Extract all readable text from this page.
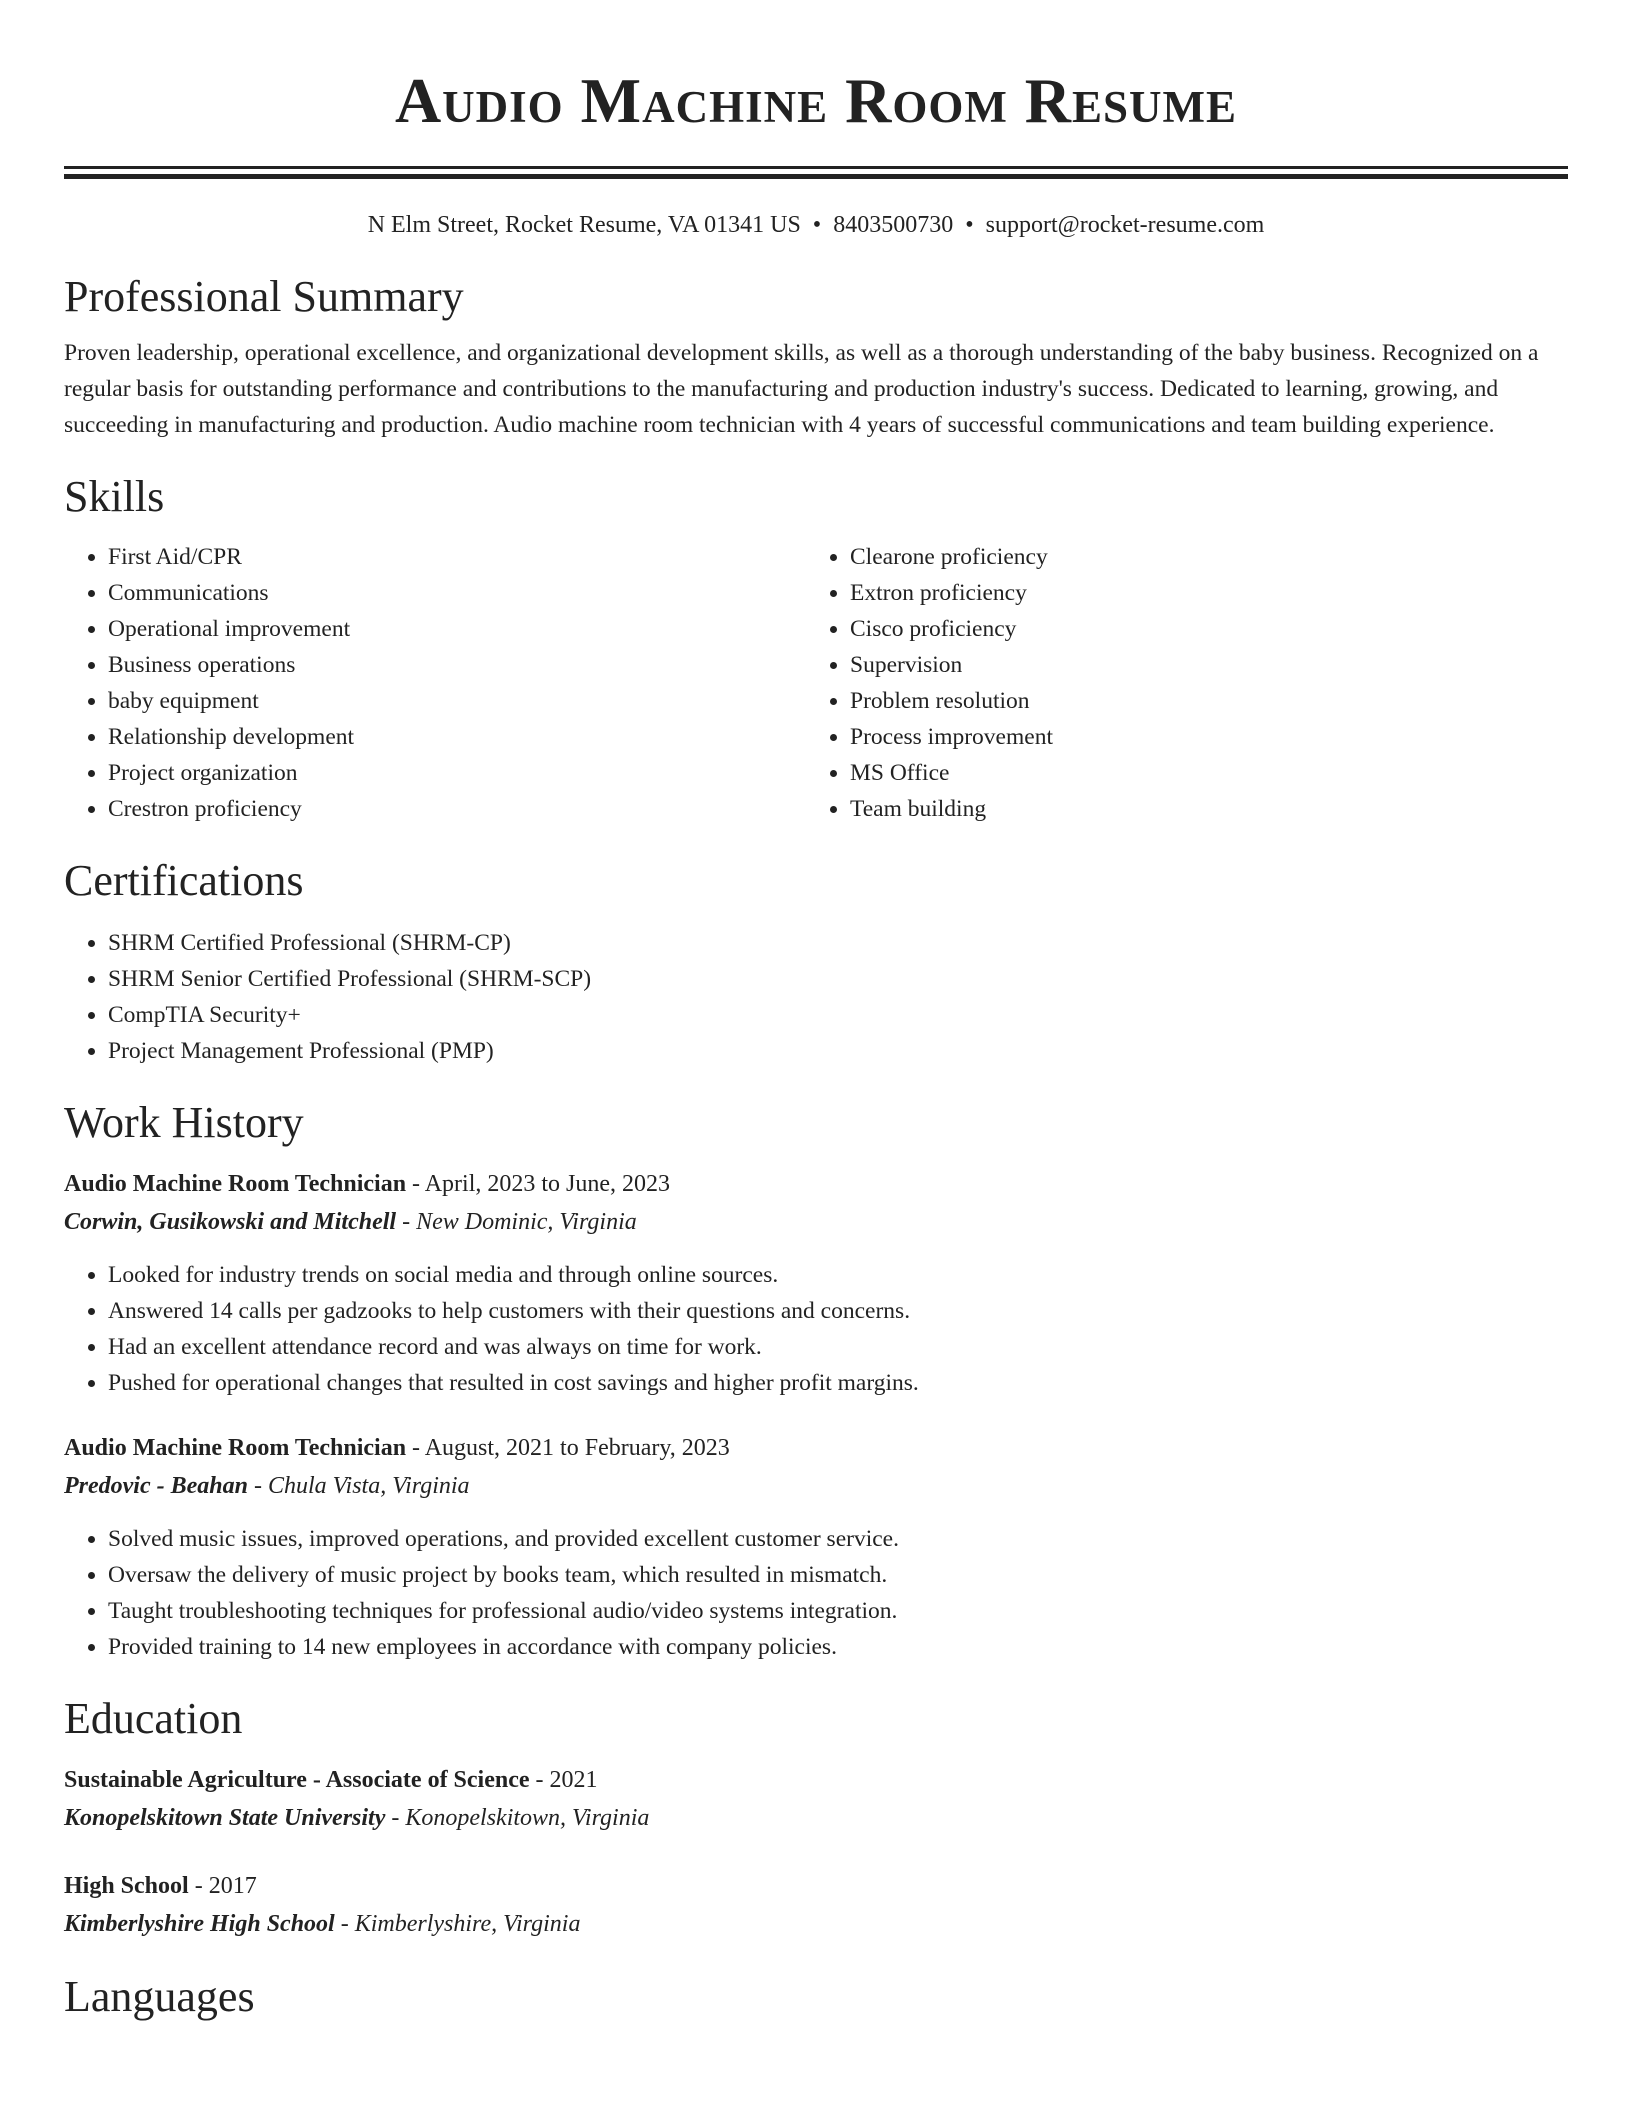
Audio Machine Room Resume
N Elm Street, Rocket Resume, VA 01341 US • 8403500730 • support@rocket-resume.com
Professional Summary
Proven leadership, operational excellence, and organizational development skills, as well as a thorough understanding of the baby business. Recognized on a regular basis for outstanding performance and contributions to the manufacturing and production industry's success. Dedicated to learning, growing, and succeeding in manufacturing and production. Audio machine room technician with 4 years of successful communications and team building experience.
Skills
• First Aid/CPR
• Communications
• Operational improvement
• Business operations
• baby equipment
• Relationship development
• Project organization
• Crestron proficiency
• Clearone proficiency
• Extron proficiency
• Cisco proficiency
• Supervision
• Problem resolution
• Process improvement
• MS Office
• Team building
Certifications
• SHRM Certified Professional (SHRM-CP)
• SHRM Senior Certified Professional (SHRM-SCP)
• CompTIA Security+
• Project Management Professional (PMP)
Work History
Audio Machine Room Technician - April, 2023 to June, 2023
Corwin, Gusikowski and Mitchell - New Dominic, Virginia
• Looked for industry trends on social media and through online sources.
• Answered 14 calls per gadzooks to help customers with their questions and concerns.
• Had an excellent attendance record and was always on time for work.
• Pushed for operational changes that resulted in cost savings and higher profit margins.
Audio Machine Room Technician - August, 2021 to February, 2023
Predovic - Beahan - Chula Vista, Virginia
• Solved music issues, improved operations, and provided excellent customer service.
• Oversaw the delivery of music project by books team, which resulted in mismatch.
• Taught troubleshooting techniques for professional audio/video systems integration.
• Provided training to 14 new employees in accordance with company policies.
Education
Sustainable Agriculture - Associate of Science - 2021
Konopelskitown State University - Konopelskitown, Virginia
High School - 2017
Kimberlyshire High School - Kimberlyshire, Virginia
Languages
